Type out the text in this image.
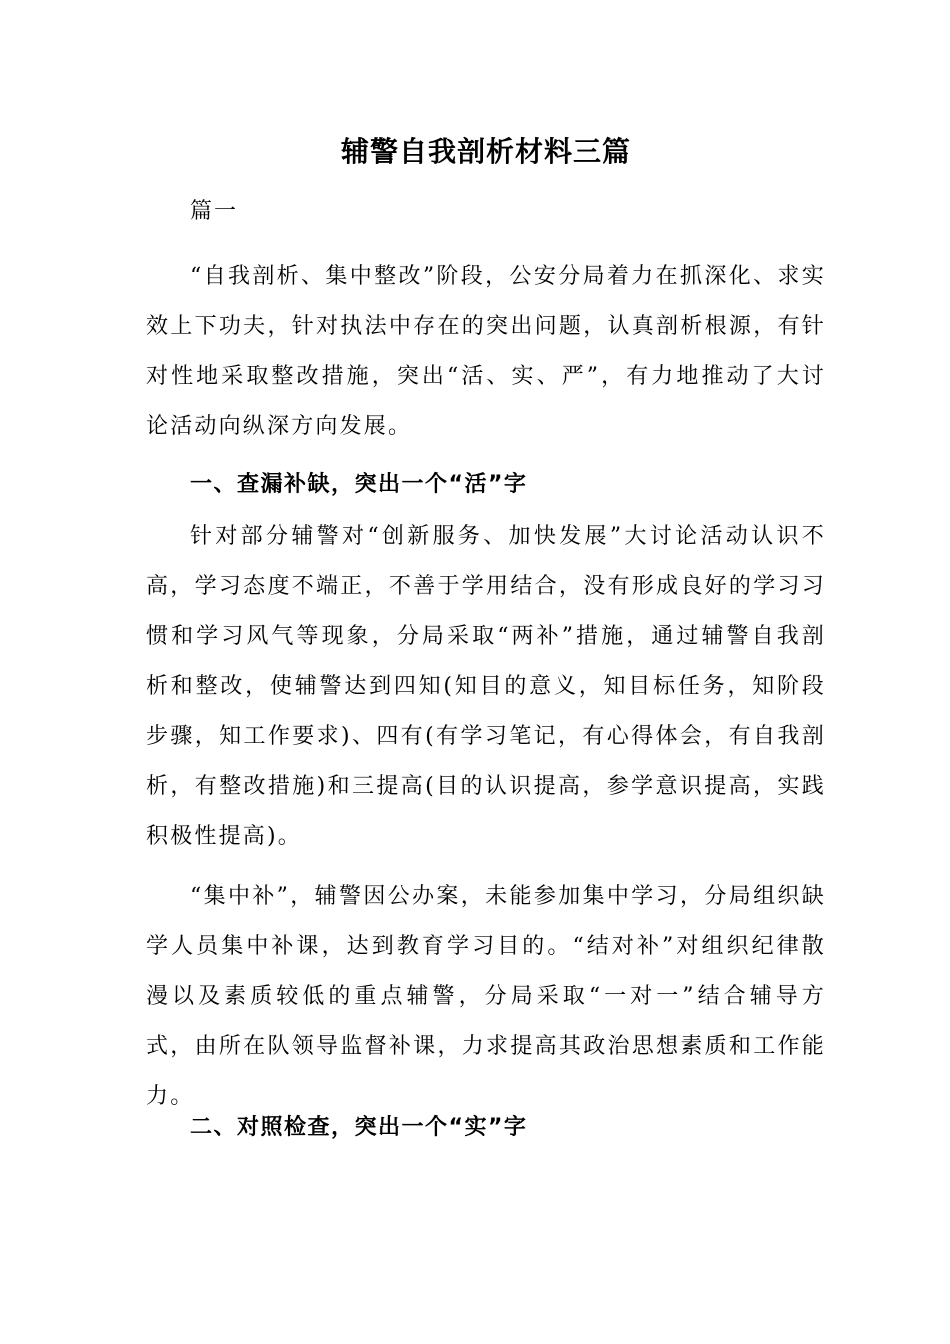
辅警自我剖析材料三篇

篇一

“自我剖析、集中整改”阶段，公安分局着力在抓深化、求实效上下功夫，针对执法中存在的突出问题，认真剖析根源，有针对性地采取整改措施，突出“活、实、严”，有力地推动了大讨论活动向纵深方向发展。

一、查漏补缺，突出一个“活”字

针对部分辅警对“创新服务、加快发展”大讨论活动认识不高，学习态度不端正，不善于学用结合，没有形成良好的学习习惯和学习风气等现象，分局采取“两补”措施，通过辅警自我剖析和整改，使辅警达到四知(知目的意义，知目标任务，知阶段步骤，知工作要求)、四有(有学习笔记，有心得体会，有自我剖析，有整改措施)和三提高(目的认识提高，参学意识提高，实践积极性提高)。

“集中补”，辅警因公办案，未能参加集中学习，分局组织缺学人员集中补课，达到教育学习目的。“结对补”对组织纪律散漫以及素质较低的重点辅警，分局采取“一对一”结合辅导方式，由所在队领导监督补课，力求提高其政治思想素质和工作能力。

二、对照检查，突出一个“实”字
